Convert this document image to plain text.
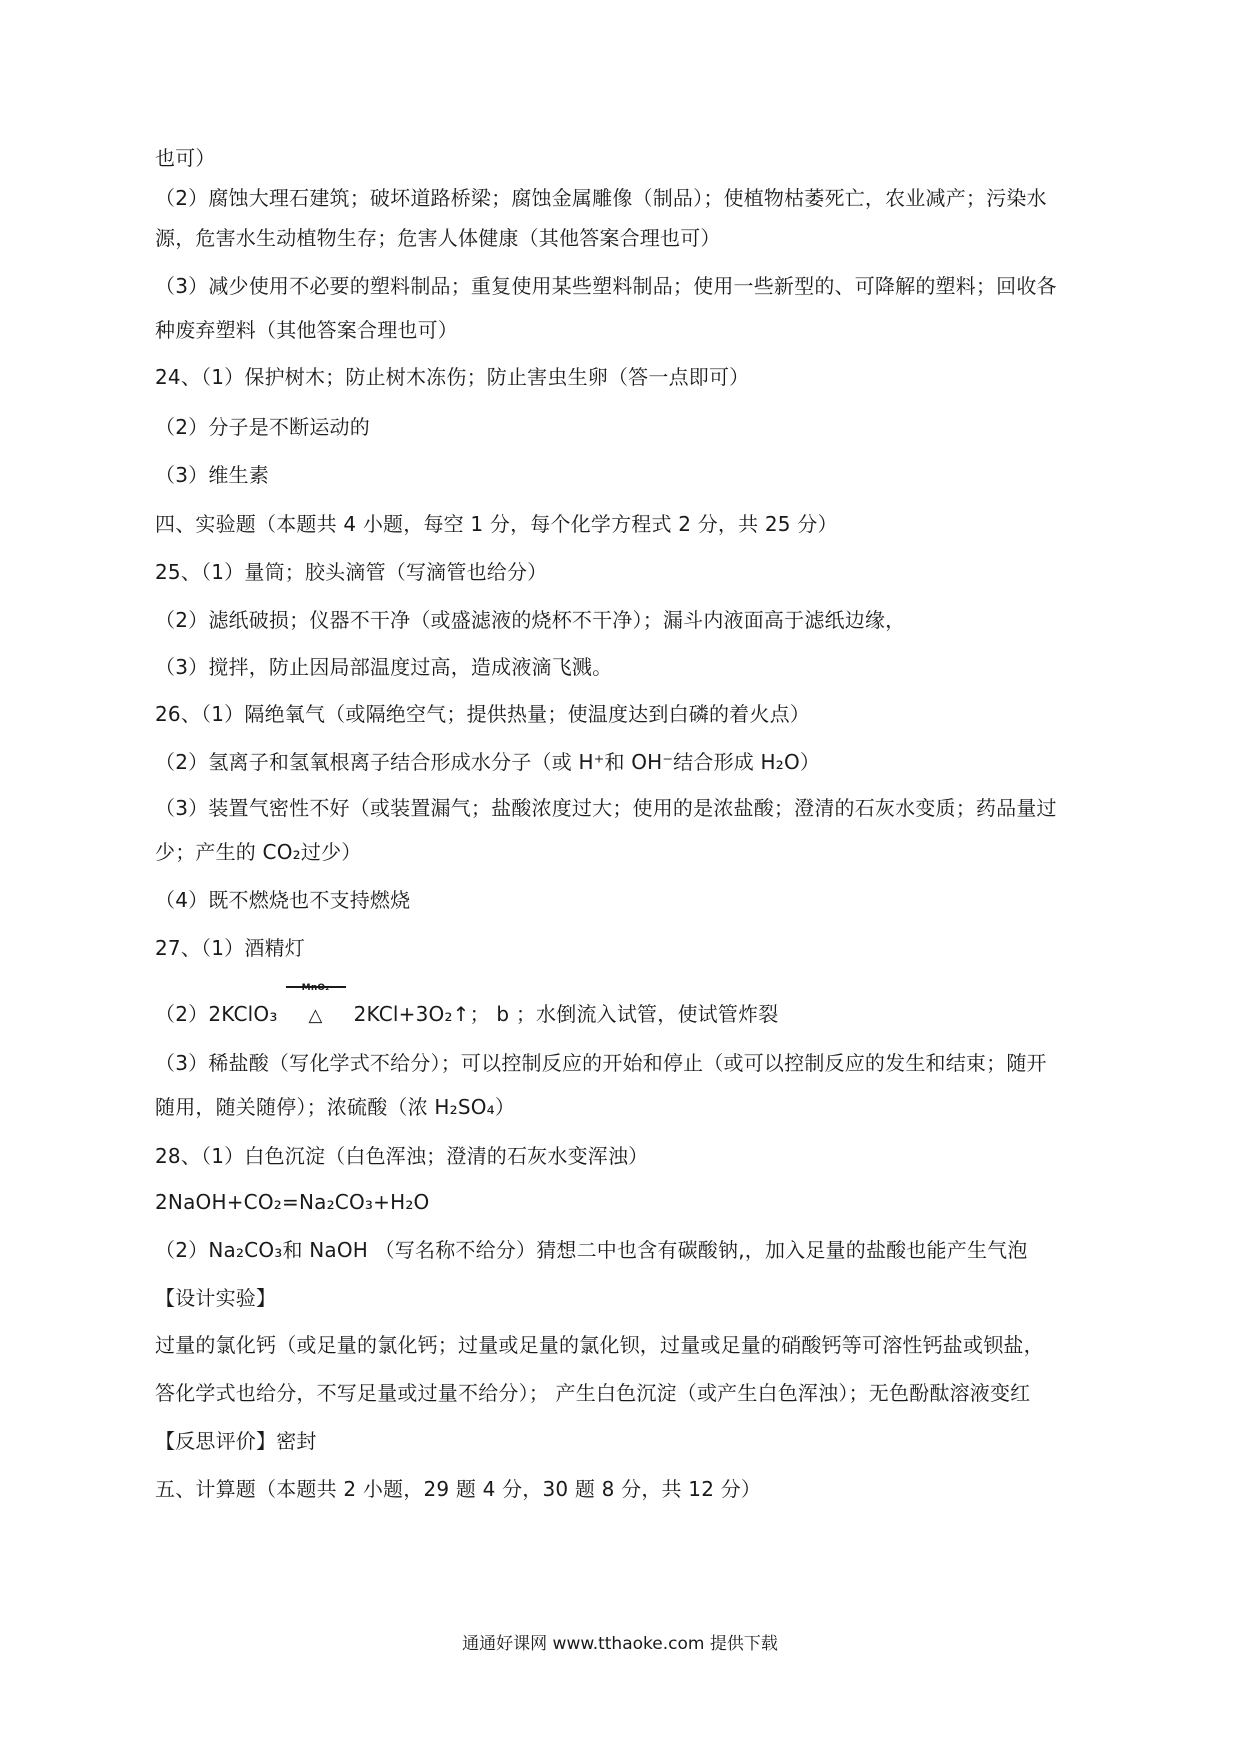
也可）
（2）腐蚀大理石建筑；破坏道路桥梁；腐蚀金属雕像（制品）；使植物枯萎死亡，农业减产；污染水
源，危害水生动植物生存；危害人体健康（其他答案合理也可）
（3）减少使用不必要的塑料制品；重复使用某些塑料制品；使用一些新型的、可降解的塑料；回收各
种废弃塑料（其他答案合理也可）
24、（1）保护树木；防止树木冻伤；防止害虫生卵（答一点即可）
（2）分子是不断运动的
（3）维生素
四、实验题（本题共 4 小题，每空 1 分，每个化学方程式 2 分，共 25 分）
25、（1）量筒；胶头滴管（写滴管也给分）
（2）滤纸破损；仪器不干净（或盛滤液的烧杯不干净）；漏斗内液面高于滤纸边缘，
（3）搅拌，防止因局部温度过高，造成液滴飞溅。
26、（1）隔绝氧气（或隔绝空气；提供热量；使温度达到白磷的着火点）
（2）氢离子和氢氧根离子结合形成水分子（或 H⁺和 OH⁻结合形成 H₂O）
（3）装置气密性不好（或装置漏气；盐酸浓度过大；使用的是浓盐酸；澄清的石灰水变质；药品量过
少；产生的 CO₂过少）
（4）既不燃烧也不支持燃烧
27、（1）酒精灯
（2）2KClO₃
MnO₂
△ 2KCl+3O₂↑； b ；水倒流入试管，使试管炸裂
（3）稀盐酸（写化学式不给分）；可以控制反应的开始和停止（或可以控制反应的发生和结束；随开
随用，随关随停）；浓硫酸（浓 H₂SO₄）
28、（1）白色沉淀（白色浑浊；澄清的石灰水变浑浊）
2NaOH+CO₂=Na₂CO₃+H₂O
（2）Na₂CO₃和 NaOH （写名称不给分）猜想二中也含有碳酸钠,，加入足量的盐酸也能产生气泡
【设计实验】
过量的氯化钙（或足量的氯化钙；过量或足量的氯化钡，过量或足量的硝酸钙等可溶性钙盐或钡盐，
答化学式也给分，不写足量或过量不给分）； 产生白色沉淀（或产生白色浑浊）；无色酚酞溶液变红
【反思评价】密封
五、计算题（本题共 2 小题，29 题 4 分，30 题 8 分，共 12 分）
通通好课网 www.tthaoke.com 提供下载
